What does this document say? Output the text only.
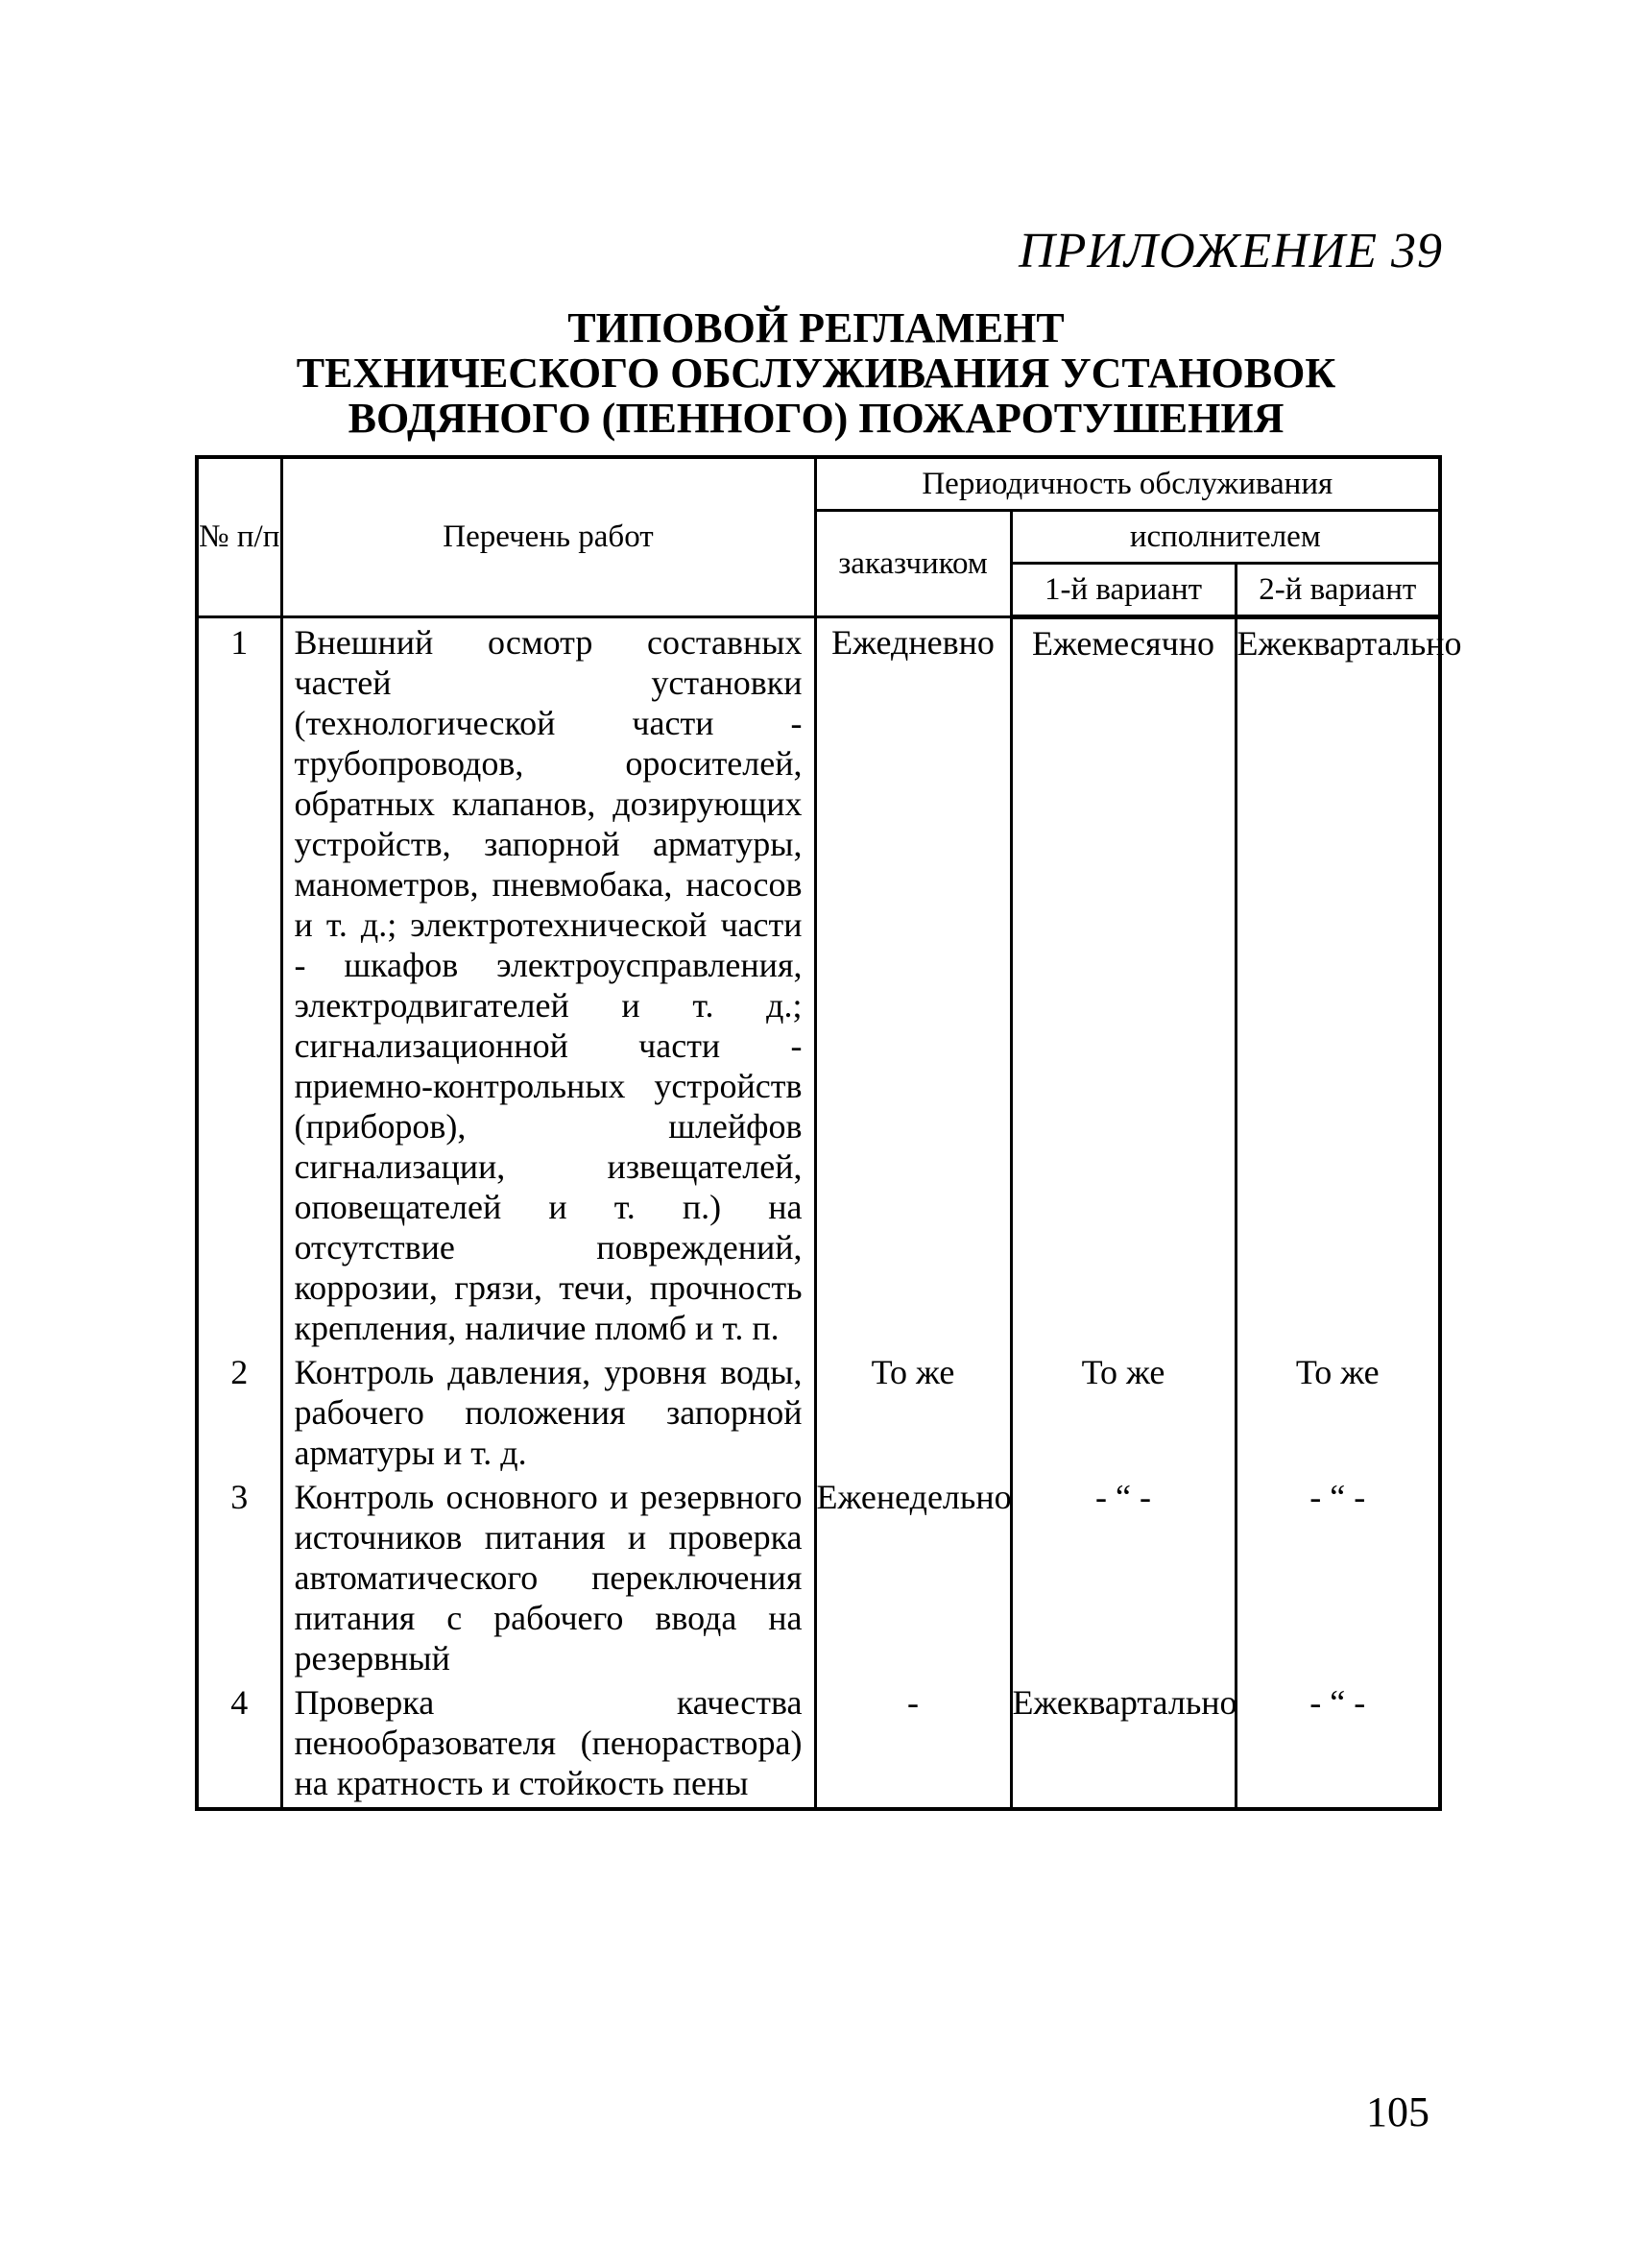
ПРИЛОЖЕНИЕ 39
ТИПОВОЙ РЕГЛАМЕНТ
ТЕХНИЧЕСКОГО ОБСЛУЖИВАНИЯ УСТАНОВОК
ВОДЯНОГО (ПЕННОГО) ПОЖАРОТУШЕНИЯ
№ п/п	Перечень работ	Периодичность обслуживания		
		заказчиком	исполнителем	
			1-й вариант	2-й вариант
1	Внешний осмотр составных частей установки (технологической части - трубопроводов, оросителей, обратных клапанов, дозирующих устройств, запорной арматуры, манометров, пневмобака, насосов и т. д.; электротехнической части - шкафов электроусправления, электродвигателей и т. д.; сигнализационной части - приемно-контрольных устройств (приборов), шлейфов сигнализации, извещателей, оповещателей и т. п.) на отсутствие повреждений, коррозии, грязи, течи, прочность крепления, наличие пломб и т. п.	Ежедневно	Ежемесячно	Ежеквартально
2	Контроль давления, уровня воды, рабочего положения запорной арматуры и т. д.	То же	То же	То же
3	Контроль основного и резервного источников питания и проверка автоматического переключения питания с рабочего ввода на резервный	Еженедельно	- “ -	- “ -
4	Проверка качества пенообразователя (пенораствора) на кратность и стойкость пены	-	Ежеквартально	- “ -
105
